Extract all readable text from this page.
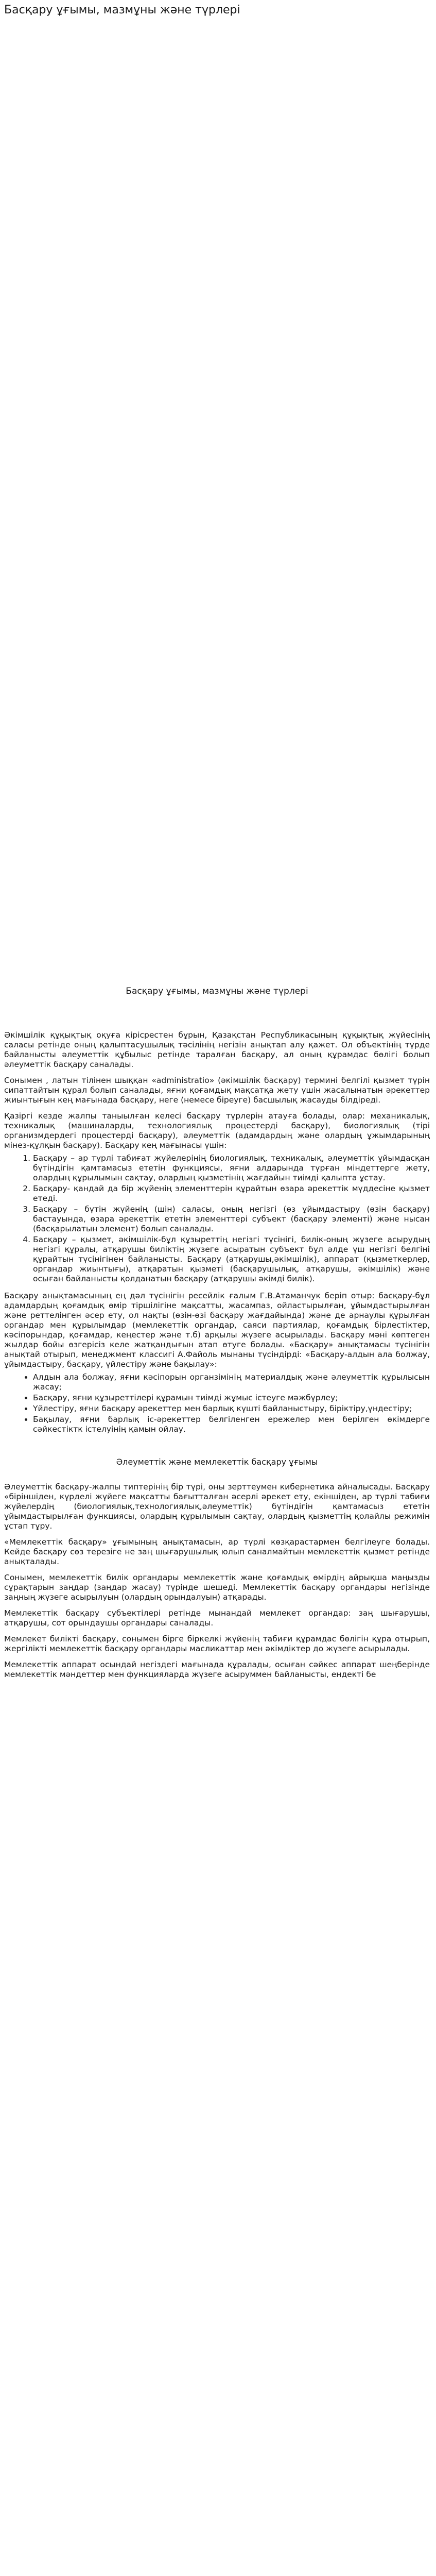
Басқару ұғымы, мазмұны және түрлері
Басқару ұғымы, мазмұны және түрлері

Әкімшілік құқықтық оқуға кірісрестен бұрын, Қазақстан Республикасының құқықтық жүйесінің саласы ретінде оның қалыптасушылық тәсілінің негізін анықтап алу қажет. Ол объектінің түрде байланысты әлеуметтік құбылыс ретінде таралған басқару, ал оның құрамдас бөлігі болып әлеуметтік басқару саналады.

Сонымен , латын тілінен шыққан «administratio» (әкімшілік басқару) термині белгілі қызмет түрін сипаттайтын құрал болып саналады, яғни қоғамдық мақсатқа жету үшін жасалынатын әрекеттер жиынтығын кең мағынада басқару, неге (немесе біреуге) басшылық жасауды білдіреді.

Қазіргі кезде жалпы таныылған келесі басқару түрлерін атауға болады, олар: механикалық, техникалық (машиналарды, технологиялық процестерді басқару), биологиялық (тірі организмдердегі процестерді басқару), әлеуметтік (адамдардың және олардың ұжымдарының мінез-құлқын басқару). Басқару кең мағынасы үшін:

1. Басқару – ар түрлі табиғат жүйелерінің биологиялық, техникалық, әлеуметтік ұйымдасқан бүтіндігін қамтамасыз ететін функциясы, яғни алдарында түрған міндеттерге жету, олардың құрылымын сақтау, олардың қызметінің жағдайын тиімді қалыпта ұстау.
2. Басқару- қандай да бір жүйенің элементтерін құрайтын өзара әрекеттік мүддесіне қызмет етеді.
3. Басқару – бүтін жүйенің (шін) саласы, оның негізгі (өз ұйымдастыру (өзін басқару) бастауында, өзара әрекеттік ететін элементтері субъект (басқару элементі) және нысан (басқарылатын элемент) болып саналады.
4. Басқару – қызмет, әкімшілік-бұл құзыреттің негізгі түсінігі, билік-оның жүзеге асырудың негізгі құралы, атқарушы биліктің жүзеге асыратын субъект бұл әлде үш негізгі белгіні құрайтын түсінігінен байланысты. Басқару (атқарушы,әкімшілік), аппарат (қызметкерлер, органдар жиынтығы), атқаратын қызметі (басқарушылық, атқарушы, әкімшілік) және осыған байланысты қолданатын басқару (атқарушы әкімді билік).

Басқару анықтамасының ең дәл түсінігін ресейлік ғалым Г.В.Атаманчук беріп отыр: басқару-бұл адамдардың қоғамдық өмір тіршілігіне мақсатты, жасампаз, ойластырылған, ұйымдастырылған және реттелінген әсер ету, ол нақты (өзін-өзі басқару жағдайында) және де арнаулы құрылған органдар мен құрылымдар (мемлекеттік органдар, саяси партиялар, қоғамдық бірлестіктер, кәсіпорындар, қоғамдар, кеңестер және т.б) арқылы жүзеге асырылады. Басқару мәні көптеген жылдар бойы өзгерісіз келе жатқандығын атап өтуге болады. «Басқару» анықтамасы түсінігін анықтай отырып, менеджмент классигі А.Файоль мынаны түсіндірді: «Басқару-алдын ала болжау, ұйымдастыру, басқару, үйлестіру және бақылау»:

• Алдын ала болжау, яғни кәсіпорын органзімінің материалдық және әлеуметтік құрылысын жасау;
• Басқару, яғни құзыреттілері құрамын тиімді жұмыс істеуге мәжбүрлеу;
• Үйлестіру, яғни басқару әрекеттер мен барлық күшті байланыстыру, біріктіру,үндестіру;
• Бақылау, яғни барлық іс-әрекеттер белгіленген ережелер мен берілген өкімдерге сәйкестіктк істелуінің қамын ойлау.
Әлеуметтік және мемлекеттік басқару ұғымы

Әлеуметтік басқару-жалпы типтерінің бір түрі, оны зерттеумен кибернетика айналысады. Басқару «біріншіден, күрделі жүйеге мақсатты бағытталған әсерлі әрекет ету, екіншіден, ар түрлі табиғи жүйелердің (биологиялық,технологиялық,әлеуметтік) бүтіндігін қамтамасыз ететін ұйымдастырылған функциясы, олардың құрылымын сақтау, олардың қызметтің қолайлы режимін ұстап тұру.

«Мемлекеттік басқару» ұғымының анықтамасын, ар түрлі көзқарастармен белгілеуге болады. Кейде басқару сөз терезіге не заң шығарушылық юлып саналмайтын мемлекеттік қызмет ретінде анықталады.

Сонымен, мемлекеттік билік органдары мемлекеттік және қоғамдық өмірдің айрықша маңызды сұрақтарын заңдар (заңдар жасау) түрінде шешеді. Мемлекеттік басқару органдары негізінде заңның жүзеге асырылуын (олардың орындалуын) атқарады.

Мемлекеттік басқару субъектілері ретінде мынандай мемлекет органдар: заң шығарушы, атқарушы, сот орындаушы органдары саналады.

Мемлекет билікті басқару, сонымен бірге біркелкі жүйенің табиғи құрамдас бөлігін құра отырып, жергілікті мемлекеттік басқару органдары масликаттар мен әкімдіктер до жүзеге асырылады.

Мемлекеттік аппарат осындай негіздегі мағынада құралады, осыған сәйкес аппарат шеңберінде мемлекеттік мәндеттер мен функцияларда жүзеге асыруммен байланысты, ендекті бе
